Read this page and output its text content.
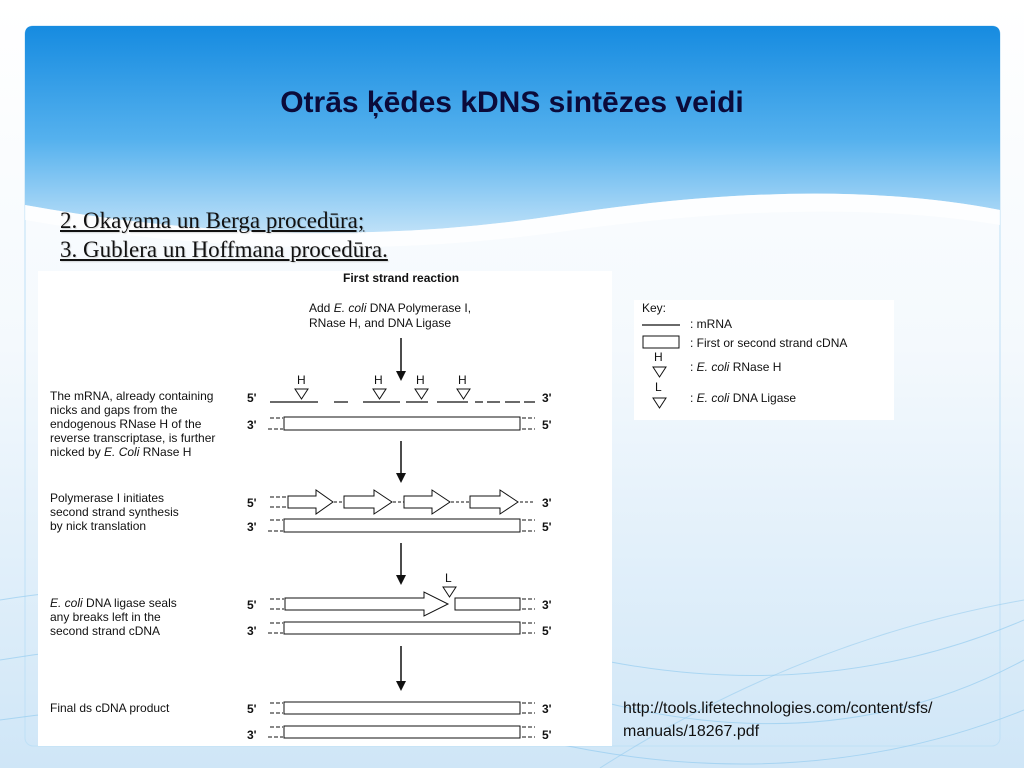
Otrās ķēdes kDNS sintēzes veidi
2. Okayama un Berga procedūra;
3. Gublera un Hoffmana procedūra.
First strand reaction
Add E. coli DNA Polymerase I,
RNase H, and DNA Ligase
The mRNA, already containing
nicks and gaps from the
endogenous RNase H of the
reverse transcriptase, is further
nicked by E. Coli RNase H
H	H	H	H
5'	3'
3'	5'
Polymerase I initiates
second strand synthesis
by nick translation
5'	3'
3'	5'
E. coli DNA ligase seals
any breaks left in the
second strand cDNA
L
5'	3'
3'	5'
Final ds cDNA product	5'	3'
3'	5'
Key:
: mRNA
: First or second strand cDNA
H
: E. coli RNase H
L
: E. coli DNA Ligase
http://tools.lifetechnologies.com/content/sfs/
manuals/18267.pdf
